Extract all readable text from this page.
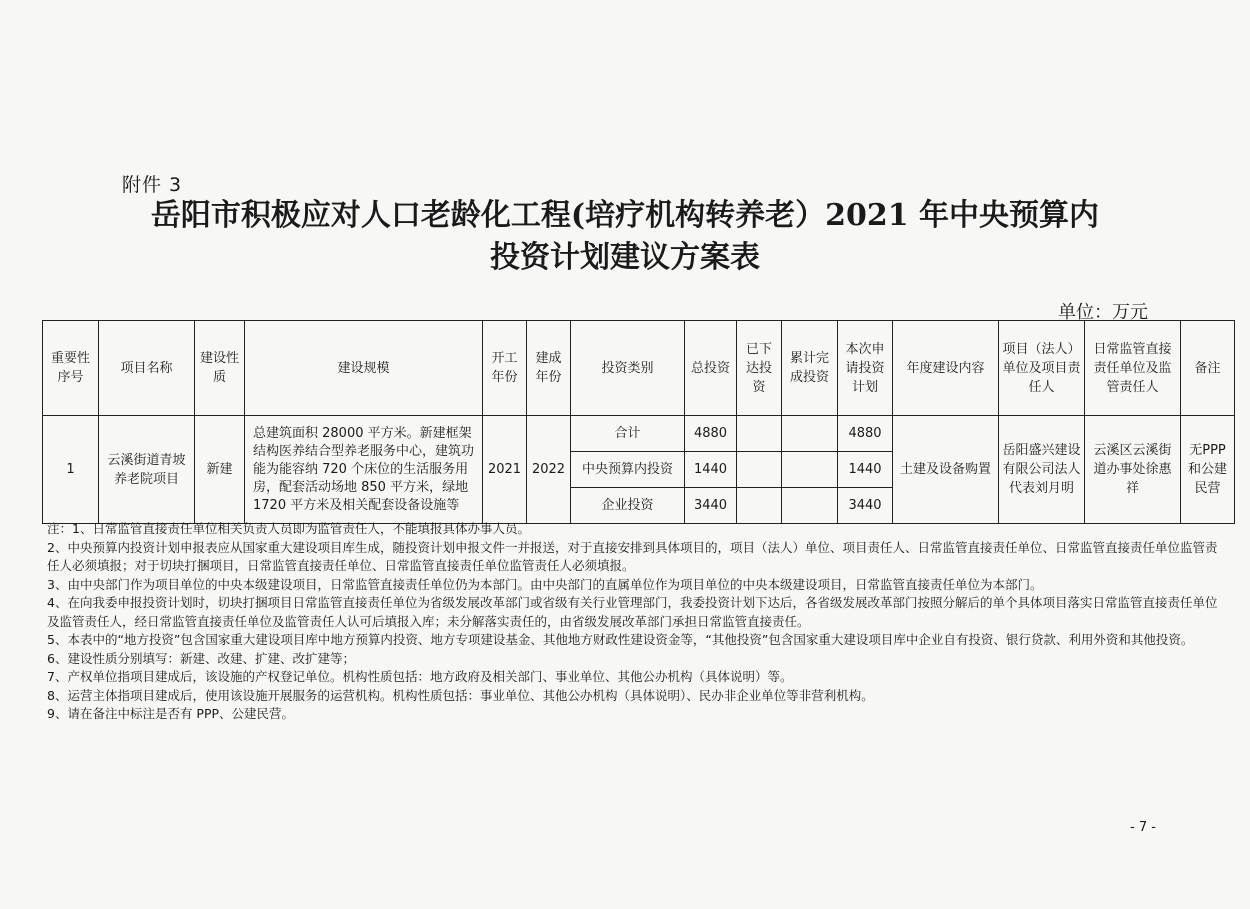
附件 3
岳阳市积极应对人口老龄化工程(培疗机构转养老）2021 年中央预算内
投资计划建议方案表
单位：万元
重要性序号	项目名称	建设性质	建设规模	开工年份	建成年份	投资类别	总投资	已下达投资	累计完成投资	本次申请投资计划	年度建设内容	项目（法人）单位及项目责任人	日常监管直接责任单位及监管责任人	备注
1	云溪街道青坡养老院项目	新建	总建筑面积 28000 平方米。新建框架结构医养结合型养老服务中心，建筑功能为能容纳 720 个床位的生活服务用房，配套活动场地 850 平方米，绿地 1720 平方米及相关配套设备设施等	2021	2022	合计	4880			4880	土建及设备购置	岳阳盛兴建设有限公司法人代表刘月明	云溪区云溪街道办事处徐惠祥	无PPP和公建民营
						中央预算内投资	1440			1440				
						企业投资	3440			3440				

注：1、日常监管直接责任单位相关负责人员即为监管责任人，不能填报具体办事人员。

2、中央预算内投资计划申报表应从国家重大建设项目库生成，随投资计划申报文件一并报送，对于直接安排到具体项目的，项目（法人）单位、项目责任人、日常监管直接责任单位、日常监管直接责任单位监管责任人必须填报；对于切块打捆项目，日常监管直接责任单位、日常监管直接责任单位监管责任人必须填报。

3、由中央部门作为项目单位的中央本级建设项目，日常监管直接责任单位仍为本部门。由中央部门的直属单位作为项目单位的中央本级建设项目，日常监管直接责任单位为本部门。

4、在向我委申报投资计划时，切块打捆项目日常监管直接责任单位为省级发展改革部门或省级有关行业管理部门，我委投资计划下达后，各省级发展改革部门按照分解后的单个具体项目落实日常监管直接责任单位及监管责任人，经日常监管直接责任单位及监管责任人认可后填报入库；未分解落实责任的，由省级发展改革部门承担日常监管直接责任。

5、本表中的“地方投资”包含国家重大建设项目库中地方预算内投资、地方专项建设基金、其他地方财政性建设资金等，“其他投资”包含国家重大建设项目库中企业自有投资、银行贷款、利用外资和其他投资。

6、建设性质分别填写：新建、改建、扩建、改扩建等；

7、产权单位指项目建成后，该设施的产权登记单位。机构性质包括：地方政府及相关部门、事业单位、其他公办机构（具体说明）等。

8、运营主体指项目建成后，使用该设施开展服务的运营机构。机构性质包括：事业单位、其他公办机构（具体说明）、民办非企业单位等非营利机构。

9、请在备注中标注是否有 PPP、公建民营。

- 7 -
